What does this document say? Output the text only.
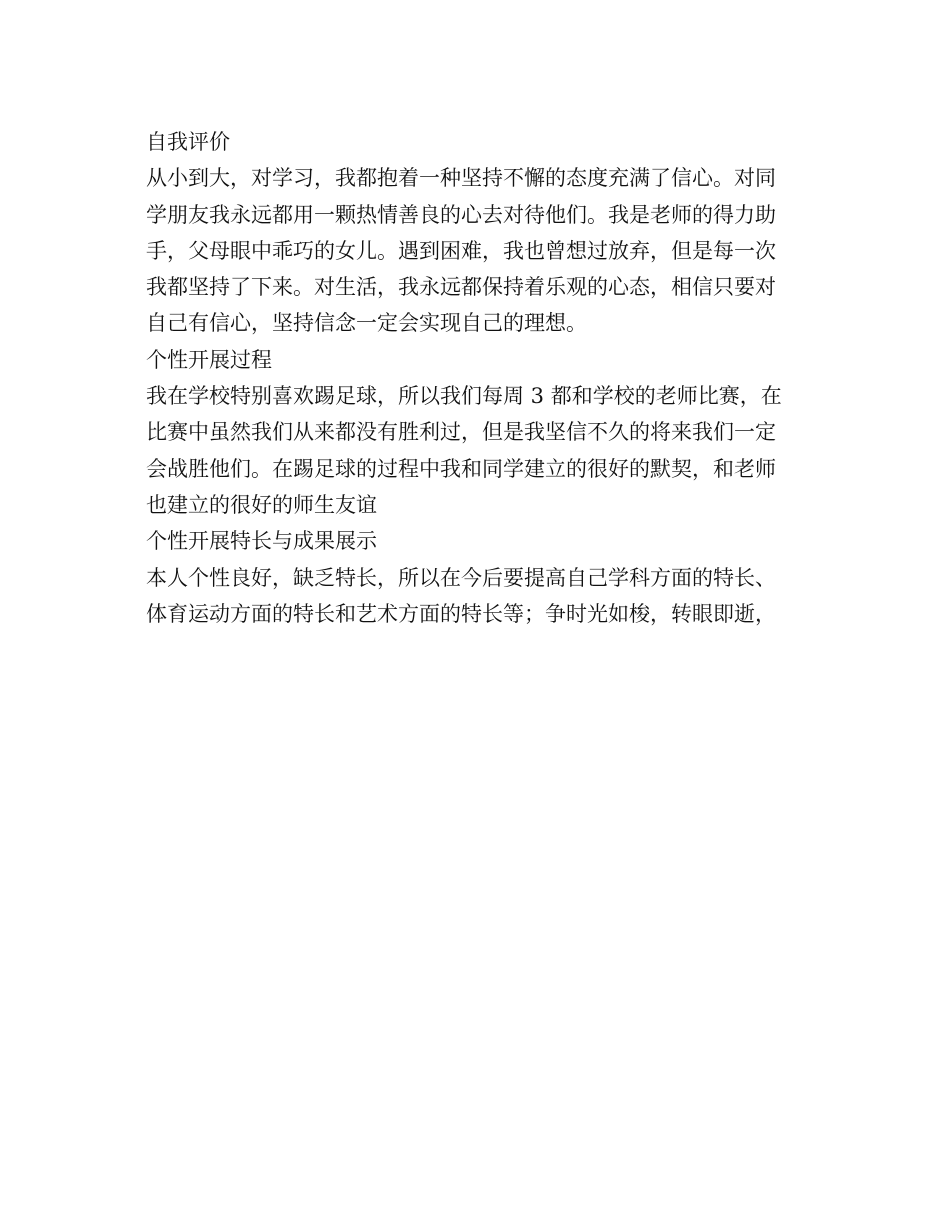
自我评价

从小到大，对学习，我都抱着一种坚持不懈的态度充满了信心。对同

学朋友我永远都用一颗热情善良的心去对待他们。我是老师的得力助

手，父母眼中乖巧的女儿。遇到困难，我也曾想过放弃，但是每一次

我都坚持了下来。对生活，我永远都保持着乐观的心态，相信只要对

自己有信心，坚持信念一定会实现自己的理想。

个性开展过程

我在学校特别喜欢踢足球，所以我们每周 3 都和学校的老师比赛，在

比赛中虽然我们从来都没有胜利过，但是我坚信不久的将来我们一定

会战胜他们。在踢足球的过程中我和同学建立的很好的默契，和老师

也建立的很好的师生友谊

个性开展特长与成果展示

本人个性良好，缺乏特长，所以在今后要提高自己学科方面的特长、

体育运动方面的特长和艺术方面的特长等；争时光如梭，转眼即逝，
